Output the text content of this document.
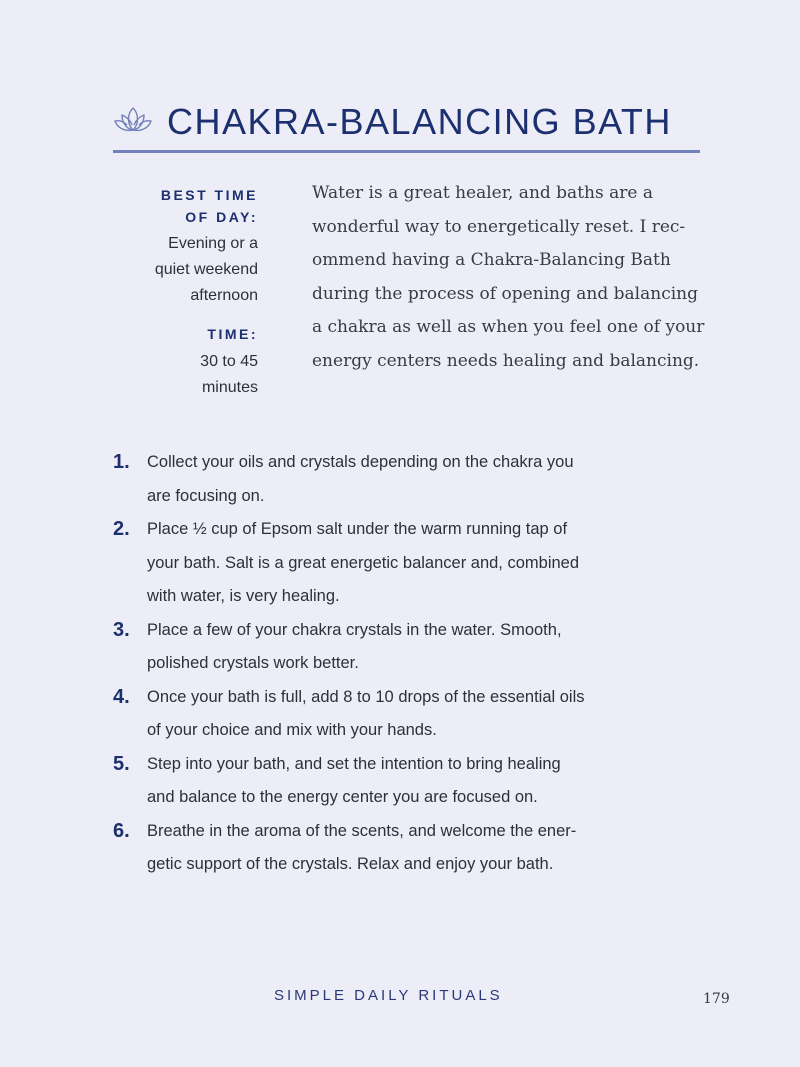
CHAKRA-BALANCING BATH
BEST TIME
OF DAY:
Evening or a
quiet weekend
afternoon
TIME:
30 to 45
minutes
Water is a great healer, and baths are a
wonderful way to energetically reset. I rec-
ommend having a Chakra-Balancing Bath
during the process of opening and balancing
a chakra as well as when you feel one of your
energy centers needs healing and balancing.
1.	Collect your oils and crystals depending on the chakra you
are focusing on.
2.	Place ½ cup of Epsom salt under the warm running tap of
your bath. Salt is a great energetic balancer and, combined
with water, is very healing.
3.	Place a few of your chakra crystals in the water. Smooth,
polished crystals work better.
4.	Once your bath is full, add 8 to 10 drops of the essential oils
of your choice and mix with your hands.
5.	Step into your bath, and set the intention to bring healing
and balance to the energy center you are focused on.
6.	Breathe in the aroma of the scents, and welcome the ener-
getic support of the crystals. Relax and enjoy your bath.
SIMPLE DAILY RITUALS	179
